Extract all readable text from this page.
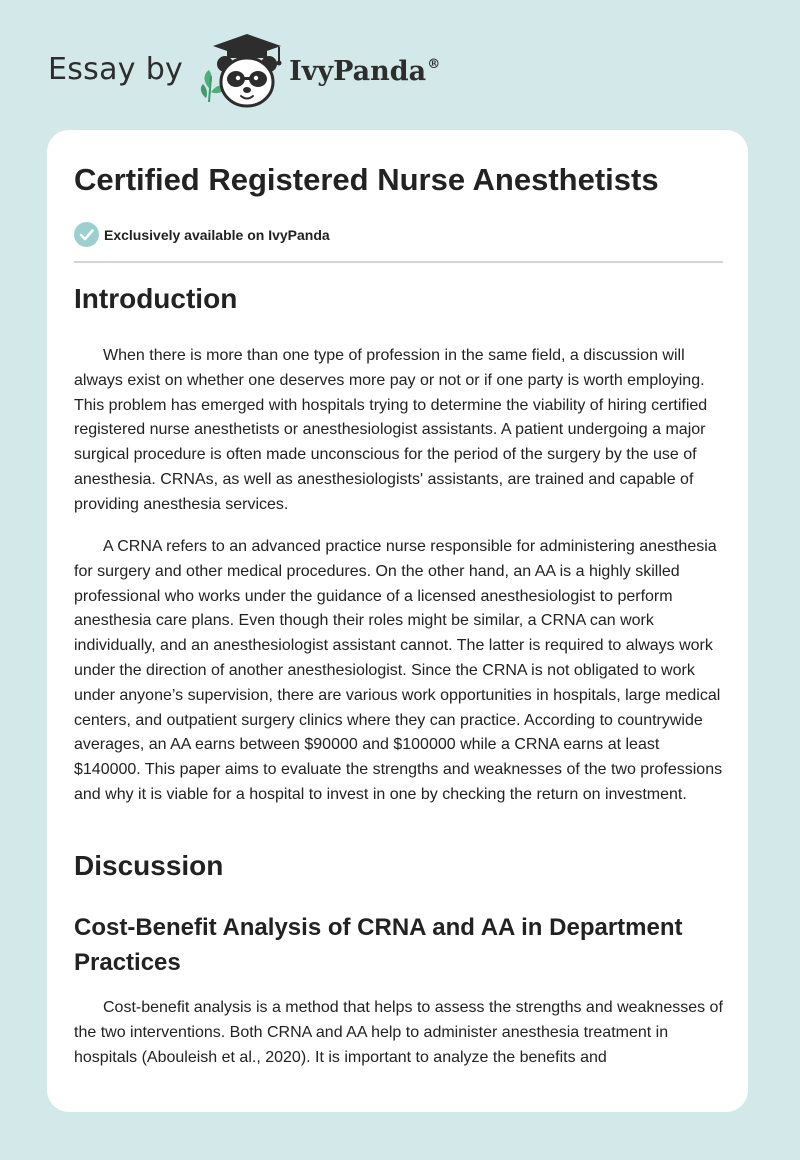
Essay by	IvyPanda®
Certified Registered Nurse Anesthetists
Exclusively available on IvyPanda
Introduction

When there is more than one type of profession in the same field, a discussion will always exist on whether one deserves more pay or not or if one party is worth employing. This problem has emerged with hospitals trying to determine the viability of hiring certified registered nurse anesthetists or anesthesiologist assistants. A patient undergoing a major surgical procedure is often made unconscious for the period of the surgery by the use of anesthesia. CRNAs, as well as anesthesiologists' assistants, are trained and capable of providing anesthesia services.

A CRNA refers to an advanced practice nurse responsible for administering anesthesia for surgery and other medical procedures. On the other hand, an AA is a highly skilled professional who works under the guidance of a licensed anesthesiologist to perform anesthesia care plans. Even though their roles might be similar, a CRNA can work individually, and an anesthesiologist assistant cannot. The latter is required to always work under the direction of another anesthesiologist. Since the CRNA is not obligated to work under anyone’s supervision, there are various work opportunities in hospitals, large medical centers, and outpatient surgery clinics where they can practice. According to countrywide averages, an AA earns between $90000 and $100000 while a CRNA earns at least $140000. This paper aims to evaluate the strengths and weaknesses of the two professions and why it is viable for a hospital to invest in one by checking the return on investment.

Discussion
Cost-Benefit Analysis of CRNA and AA in Department Practices

Cost-benefit analysis is a method that helps to assess the strengths and weaknesses of the two interventions. Both CRNA and AA help to administer anesthesia treatment in hospitals (Abouleish et al., 2020). It is important to analyze the benefits and
